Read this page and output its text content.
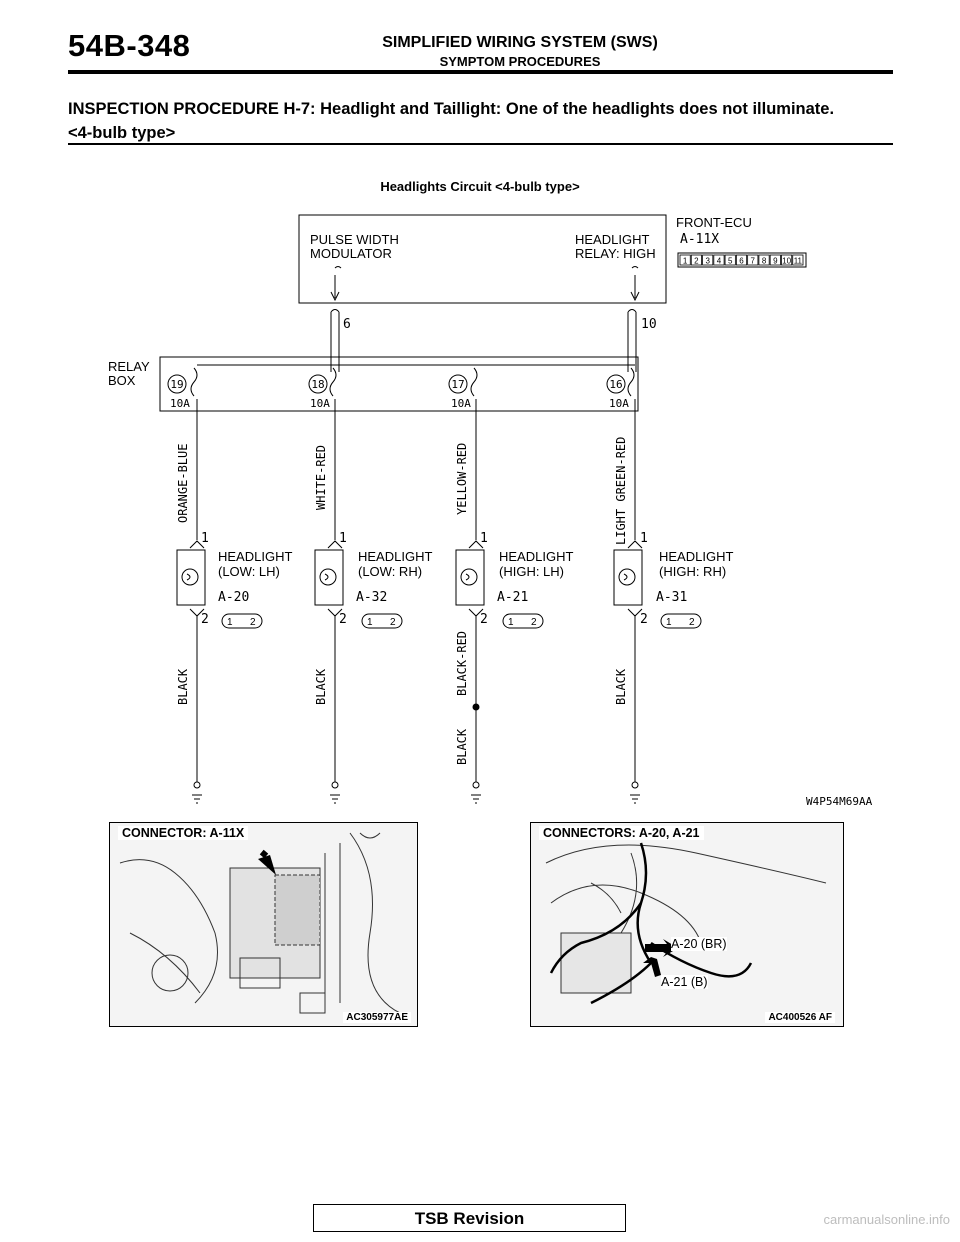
54B-348	SIMPLIFIED WIRING SYSTEM (SWS)
SYMPTOM PROCEDURES
INSPECTION PROCEDURE H-7: Headlight and Taillight: One of the headlights does not illuminate.
<4-bulb type>
Headlights Circuit <4-bulb type>
1 2 3 4 5 6 7 8 9 10 11
PULSE WIDTH
MODULATOR
HEADLIGHT
RELAY: HIGH
FRONT-ECU
A-11X
6	10
RELAY
BOX	19
10A
18
10A
17
10A
16
10A
ORANGE-BLUE	WHITE-RED	YELLOW-RED	LIGHT GREEN-RED
BLACK	BLACK	BLACK-RED
BLACK
BLACK
1
HEADLIGHT
(LOW: LH)
A-20
2 1 2
1
HEADLIGHT
(LOW: RH)
A-32
2 1 2
1
HEADLIGHT
(HIGH: LH)
A-21
2 1 2
1
HEADLIGHT
(HIGH: RH)
A-31
2 1 2
W4P54M69AA
CONNECTOR: A-11X
AC305977AE
CONNECTORS: A-20, A-21
A-20 (BR)
A-21 (B)
AC400526 AF
TSB Revision	carmanualsonline.info
